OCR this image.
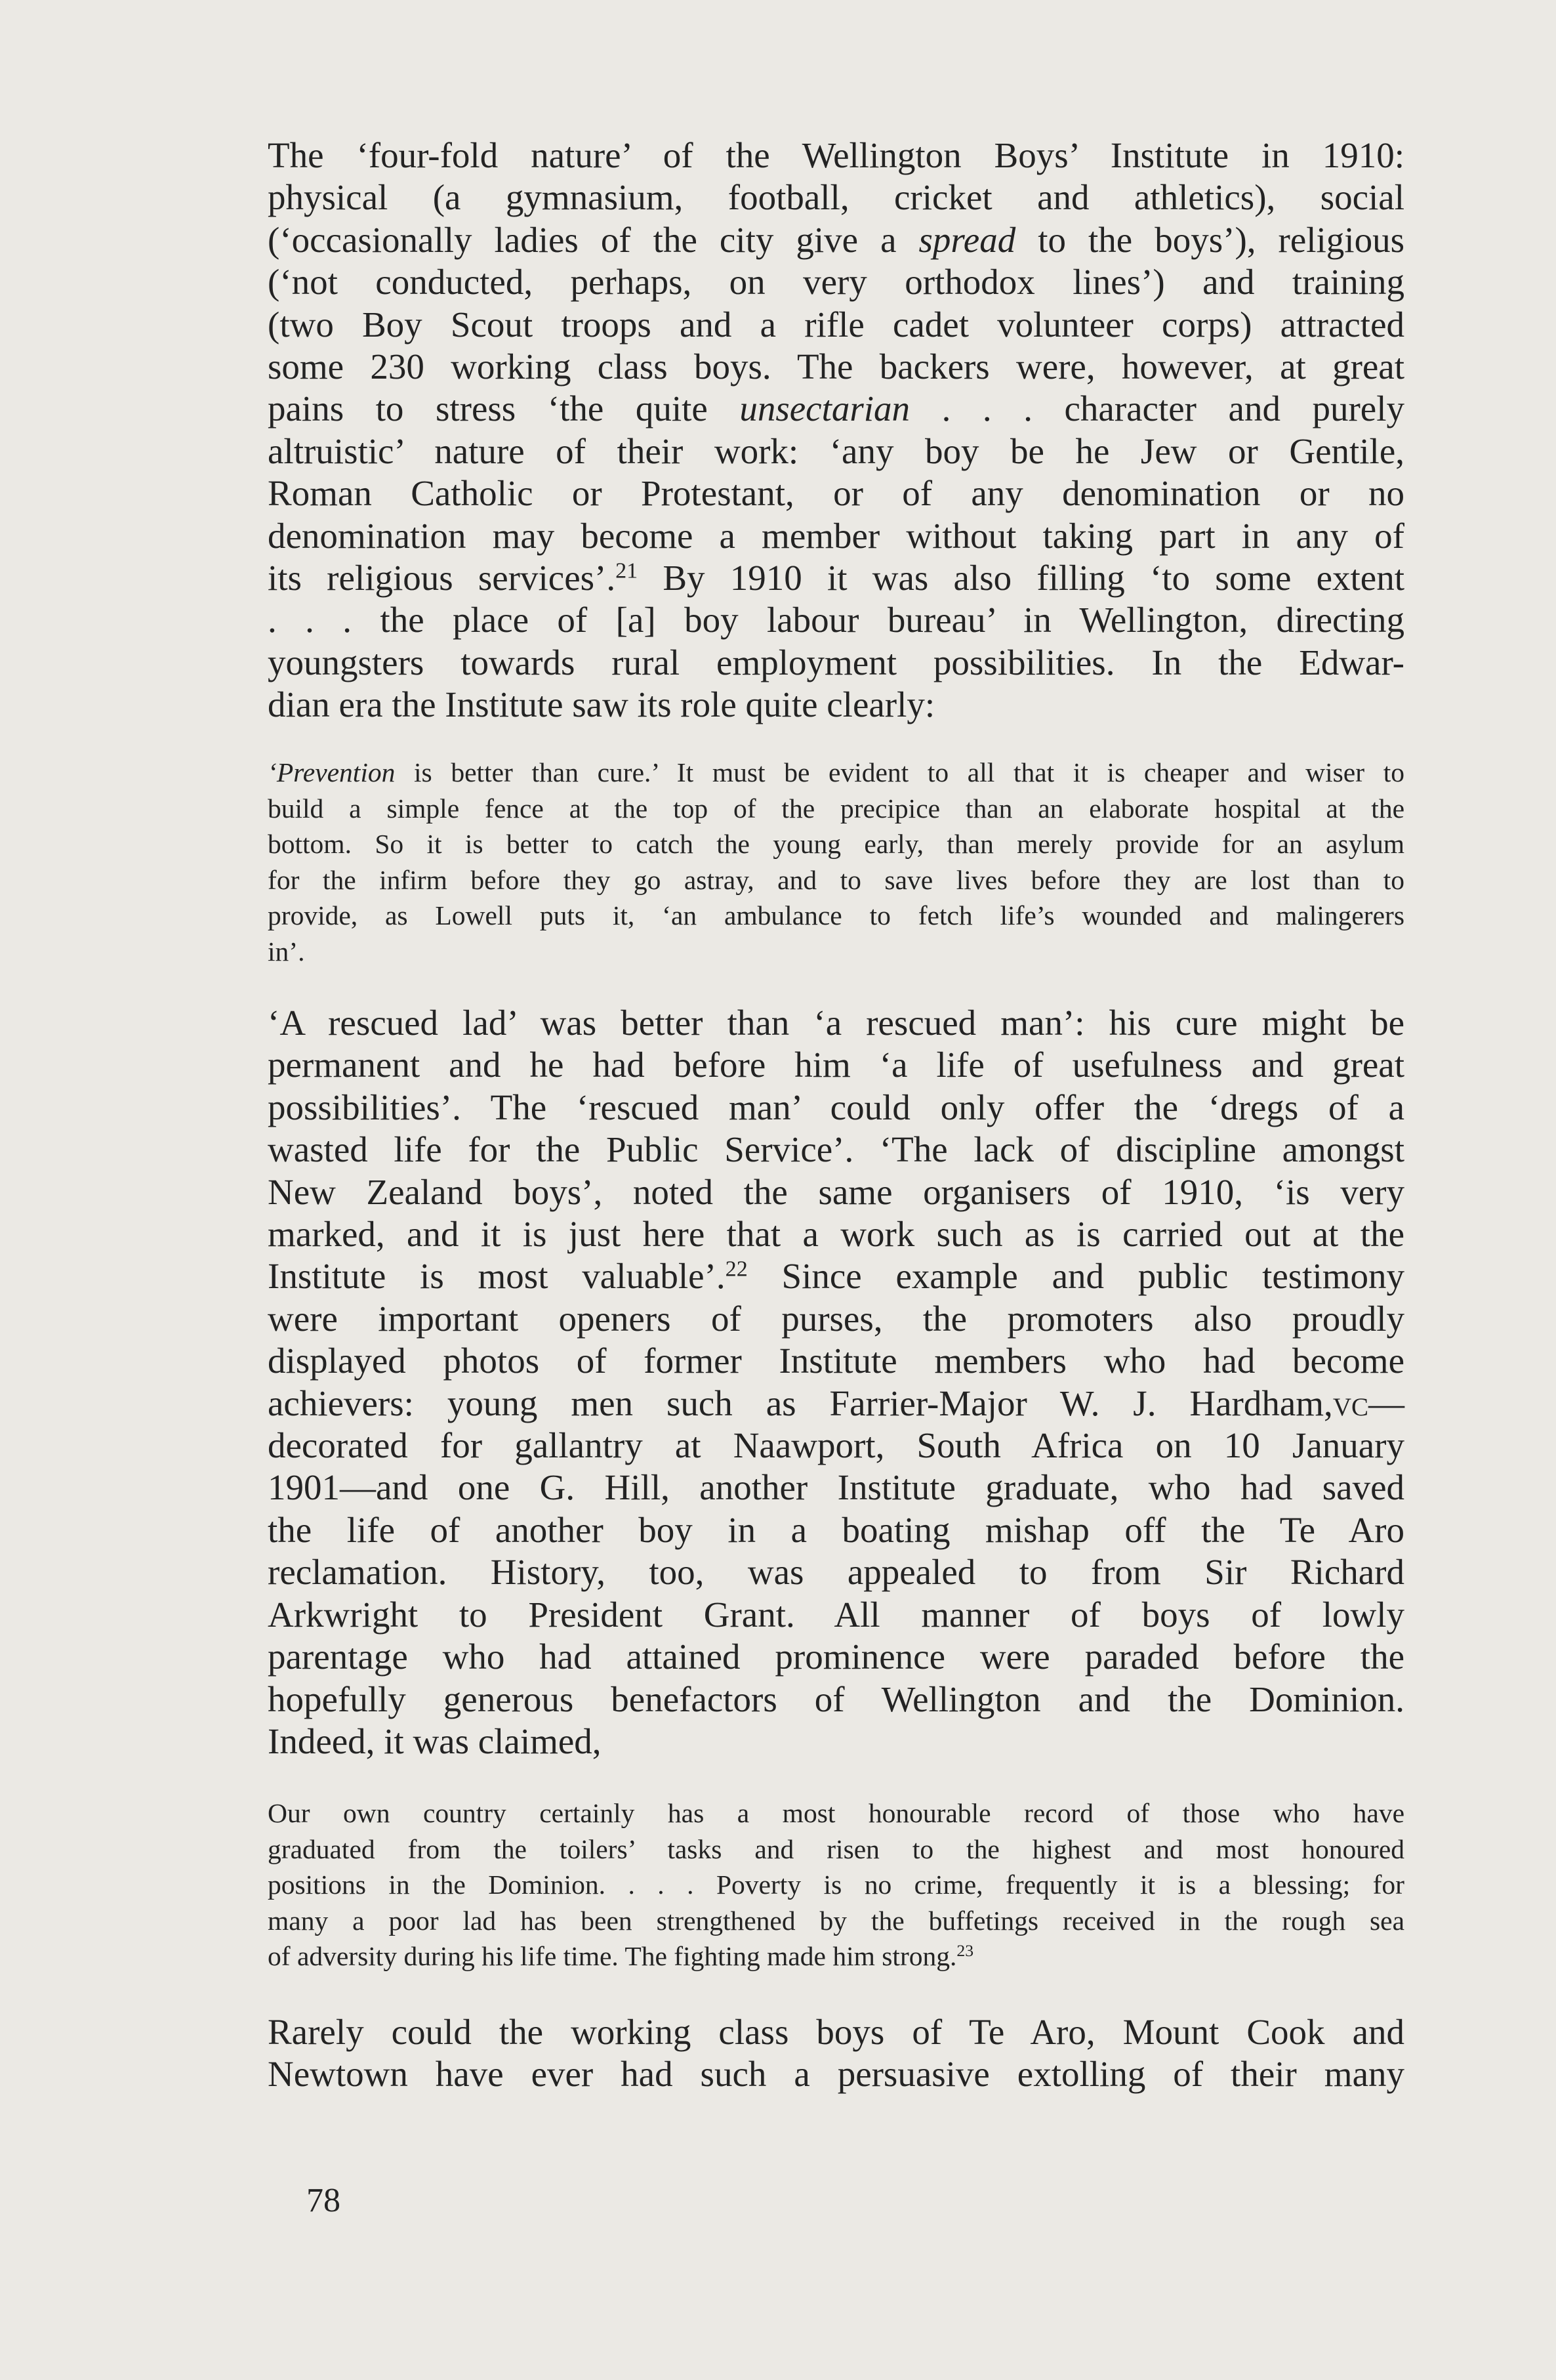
The ‘four-fold nature’ of the Wellington Boys’ Institute in 1910:
physical (a gymnasium, football, cricket and athletics), social
(‘occasionally ladies of the city give a spread to the boys’), religious
(‘not conducted, perhaps, on very orthodox lines’) and training
(two Boy Scout troops and a rifle cadet volunteer corps) attracted
some 230 working class boys. The backers were, however, at great
pains to stress ‘the quite unsectarian . . . character and purely
altruistic’ nature of their work: ‘any boy be he Jew or Gentile,
Roman Catholic or Protestant, or of any denomination or no
denomination may become a member without taking part in any of
its religious services’.$^{21}$ By 1910 it was also filling ‘to some extent
. . . the place of [a] boy labour bureau’ in Wellington, directing
youngsters towards rural employment possibilities. In the Edwar-
dian era the Institute saw its role quite clearly:

‘Prevention is better than cure.’ It must be evident to all that it is cheaper and wiser to
build a simple fence at the top of the precipice than an elaborate hospital at the
bottom. So it is better to catch the young early, than merely provide for an asylum
for the infirm before they go astray, and to save lives before they are lost than to
provide, as Lowell puts it, ‘an ambulance to fetch life’s wounded and malingerers
in’.

‘A rescued lad’ was better than ‘a rescued man’: his cure might be
permanent and he had before him ‘a life of usefulness and great
possibilities’. The ‘rescued man’ could only offer the ‘dregs of a
wasted life for the Public Service’. ‘The lack of discipline amongst
New Zealand boys’, noted the same organisers of 1910, ‘is very
marked, and it is just here that a work such as is carried out at the
Institute is most valuable’.$^{22}$ Since example and public testimony
were important openers of purses, the promoters also proudly
displayed photos of former Institute members who had become
achievers: young men such as Farrier-Major W. J. Hardham,vc—
decorated for gallantry at Naawport, South Africa on 10 January
1901—and one G. Hill, another Institute graduate, who had saved
the life of another boy in a boating mishap off the Te Aro
reclamation. History, too, was appealed to from Sir Richard
Arkwright to President Grant. All manner of boys of lowly
parentage who had attained prominence were paraded before the
hopefully generous benefactors of Wellington and the Dominion.
Indeed, it was claimed,

Our own country certainly has a most honourable record of those who have
graduated from the toilers’ tasks and risen to the highest and most honoured
positions in the Dominion. . . . Poverty is no crime, frequently it is a blessing; for
many a poor lad has been strengthened by the buffetings received in the rough sea
of adversity during his life time. The fighting made him strong.$^{23}$

Rarely could the working class boys of Te Aro, Mount Cook and
Newtown have ever had such a persuasive extolling of their many

78
